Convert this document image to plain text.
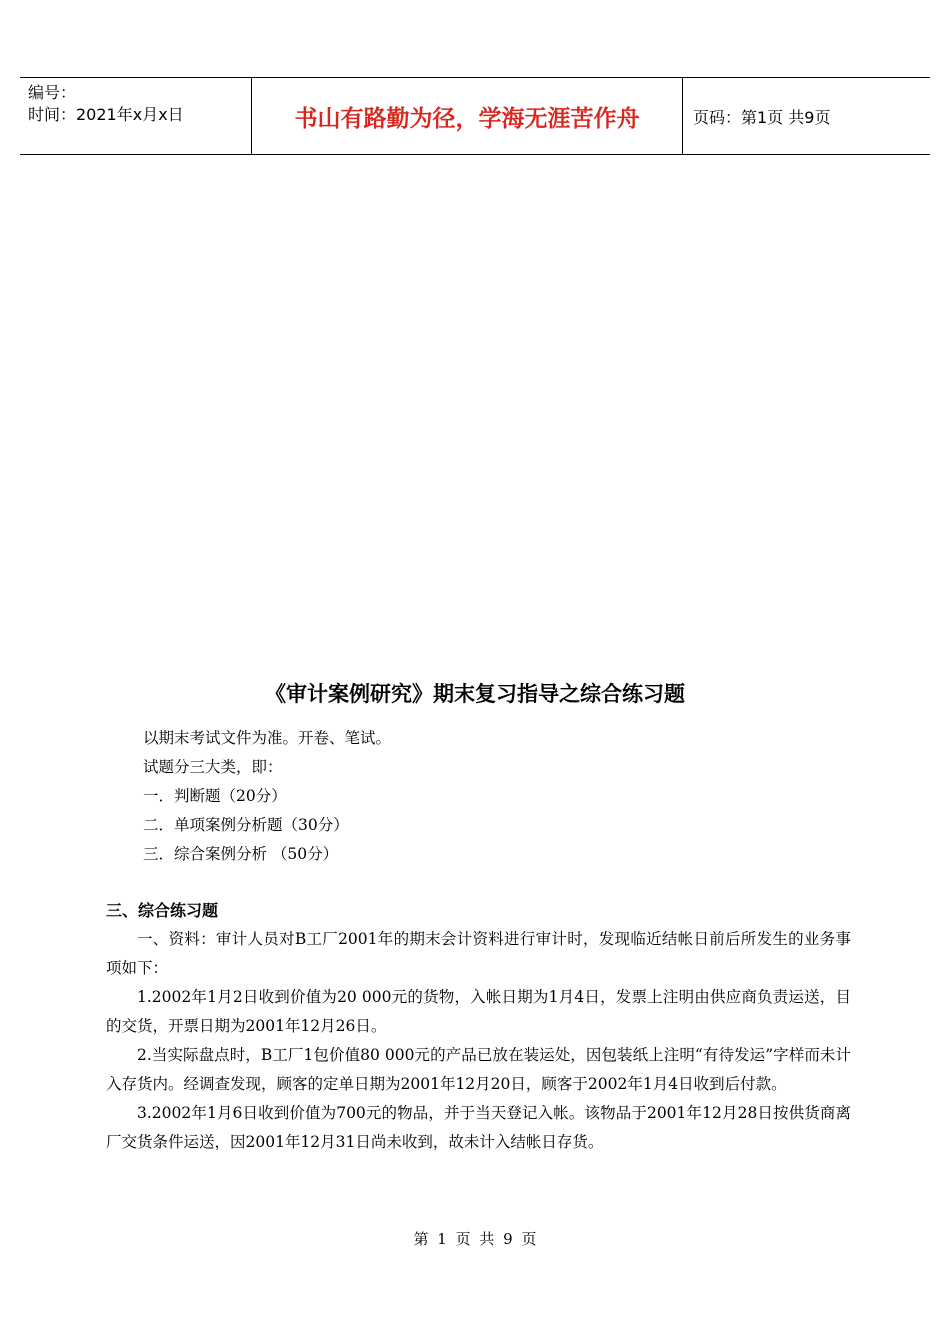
编号：
时间：2021年x月x日	书山有路勤为径，学海无涯苦作舟	页码：第1页 共9页
《审计案例研究》期末复习指导之综合练习题

以期末考试文件为准。开卷、笔试。

试题分三大类，即：

一．判断题（20分）

二．单项案例分析题（30分）

三．综合案例分析 （50分）

三、综合练习题

一、资料：审计人员对B工厂2001年的期末会计资料进行审计时，发现临近结帐日前后所发生的业务事项如下：

1.2002年1月2日收到价值为20 000元的货物，入帐日期为1月4日，发票上注明由供应商负责运送，目的交货，开票日期为2001年12月26日。

2.当实际盘点时，B工厂1包价值80 000元的产品已放在装运处，因包装纸上注明“有待发运”字样而未计入存货内。经调查发现，顾客的定单日期为2001年12月20日，顾客于2002年1月4日收到后付款。

3.2002年1月6日收到价值为700元的物品，并于当天登记入帐。该物品于2001年12月28日按供货商离厂交货条件运送，因2001年12月31日尚未收到，故未计入结帐日存货。

第 1 页 共 9 页
